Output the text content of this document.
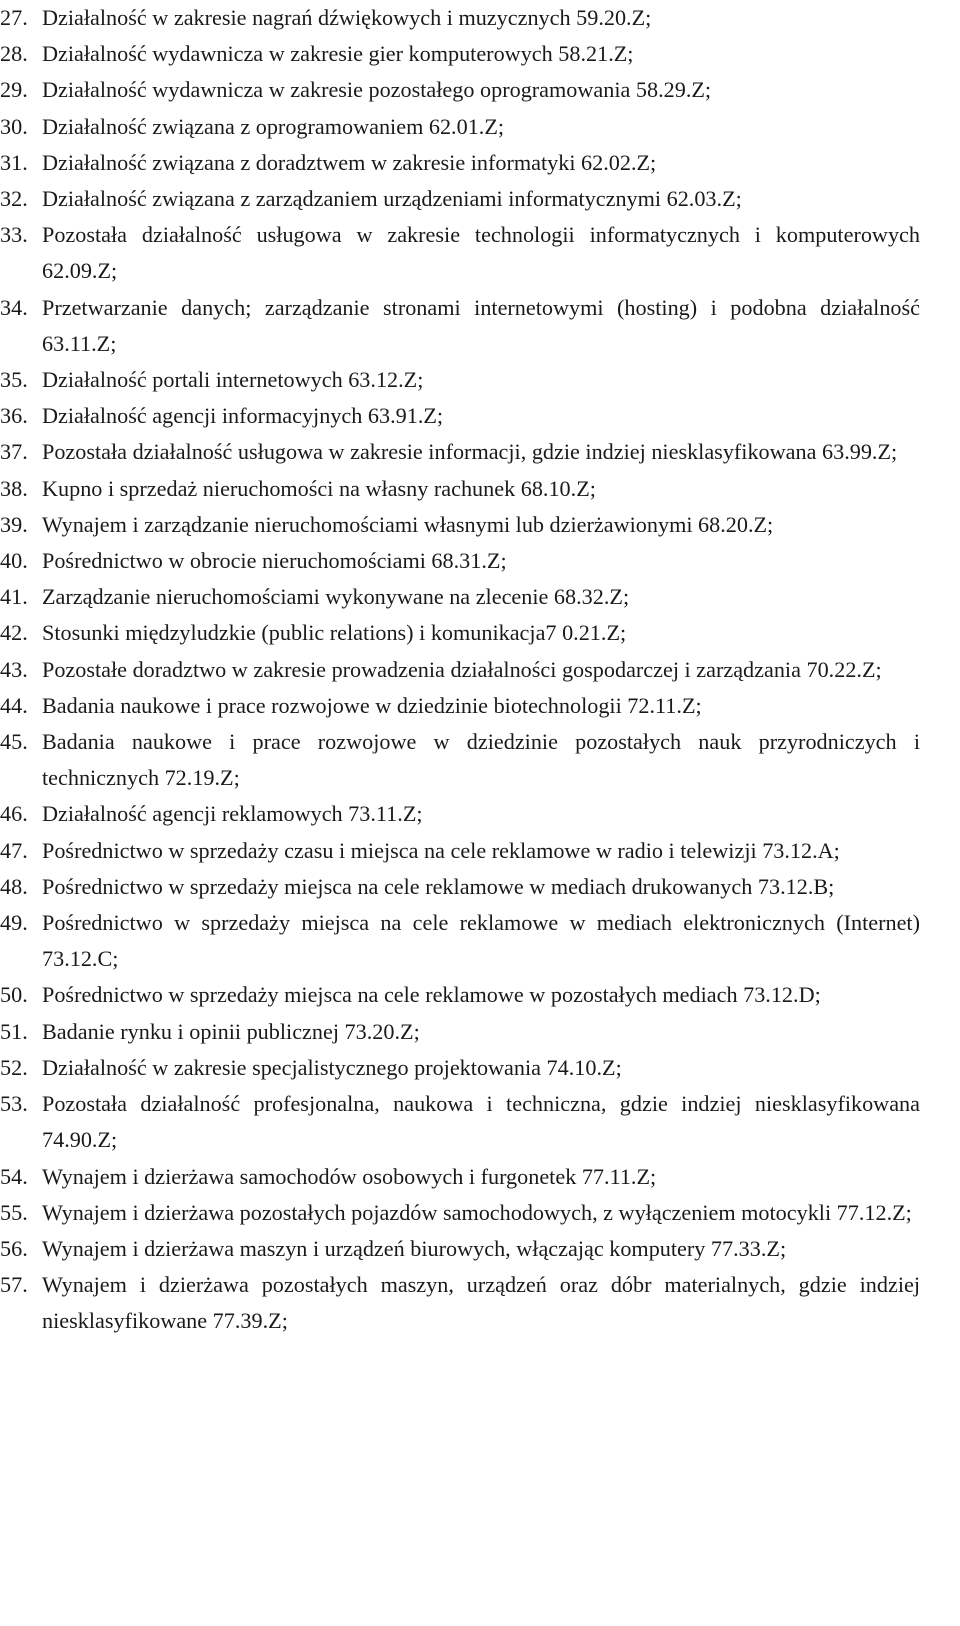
27. Działalność w zakresie nagrań dźwiękowych i muzycznych 59.20.Z;
28. Działalność wydawnicza w zakresie gier komputerowych 58.21.Z;
29. Działalność wydawnicza w zakresie pozostałego oprogramowania 58.29.Z;
30. Działalność związana z oprogramowaniem 62.01.Z;
31. Działalność związana z doradztwem w zakresie informatyki 62.02.Z;
32. Działalność związana z zarządzaniem urządzeniami informatycznymi 62.03.Z;
33. Pozostała działalność usługowa w zakresie technologii informatycznych i komputerowych 62.09.Z;
34. Przetwarzanie danych; zarządzanie stronami internetowymi (hosting) i podobna działalność 63.11.Z;
35. Działalność portali internetowych 63.12.Z;
36. Działalność agencji informacyjnych 63.91.Z;
37. Pozostała działalność usługowa w zakresie informacji, gdzie indziej niesklasyfikowana 63.99.Z;
38. Kupno i sprzedaż nieruchomości na własny rachunek 68.10.Z;
39. Wynajem i zarządzanie nieruchomościami własnymi lub dzierżawionymi 68.20.Z;
40. Pośrednictwo w obrocie nieruchomościami 68.31.Z;
41. Zarządzanie nieruchomościami wykonywane na zlecenie 68.32.Z;
42. Stosunki międzyludzkie (public relations) i komunikacja7 0.21.Z;
43. Pozostałe doradztwo w zakresie prowadzenia działalności gospodarczej i zarządzania 70.22.Z;
44. Badania naukowe i prace rozwojowe w dziedzinie biotechnologii 72.11.Z;
45. Badania naukowe i prace rozwojowe w dziedzinie pozostałych nauk przyrodniczych i technicznych 72.19.Z;
46. Działalność agencji reklamowych 73.11.Z;
47. Pośrednictwo w sprzedaży czasu i miejsca na cele reklamowe w radio i telewizji 73.12.A;
48. Pośrednictwo w sprzedaży miejsca na cele reklamowe w mediach drukowanych 73.12.B;
49. Pośrednictwo w sprzedaży miejsca na cele reklamowe w mediach elektronicznych (Internet) 73.12.C;
50. Pośrednictwo w sprzedaży miejsca na cele reklamowe w pozostałych mediach 73.12.D;
51. Badanie rynku i opinii publicznej 73.20.Z;
52. Działalność w zakresie specjalistycznego projektowania 74.10.Z;
53. Pozostała działalność profesjonalna, naukowa i techniczna, gdzie indziej niesklasyfikowana 74.90.Z;
54. Wynajem i dzierżawa samochodów osobowych i furgonetek 77.11.Z;
55. Wynajem i dzierżawa pozostałych pojazdów samochodowych, z wyłączeniem motocykli 77.12.Z;
56. Wynajem i dzierżawa maszyn i urządzeń biurowych, włączając komputery 77.33.Z;
57. Wynajem i dzierżawa pozostałych maszyn, urządzeń oraz dóbr materialnych, gdzie indziej niesklasyfikowane 77.39.Z;
